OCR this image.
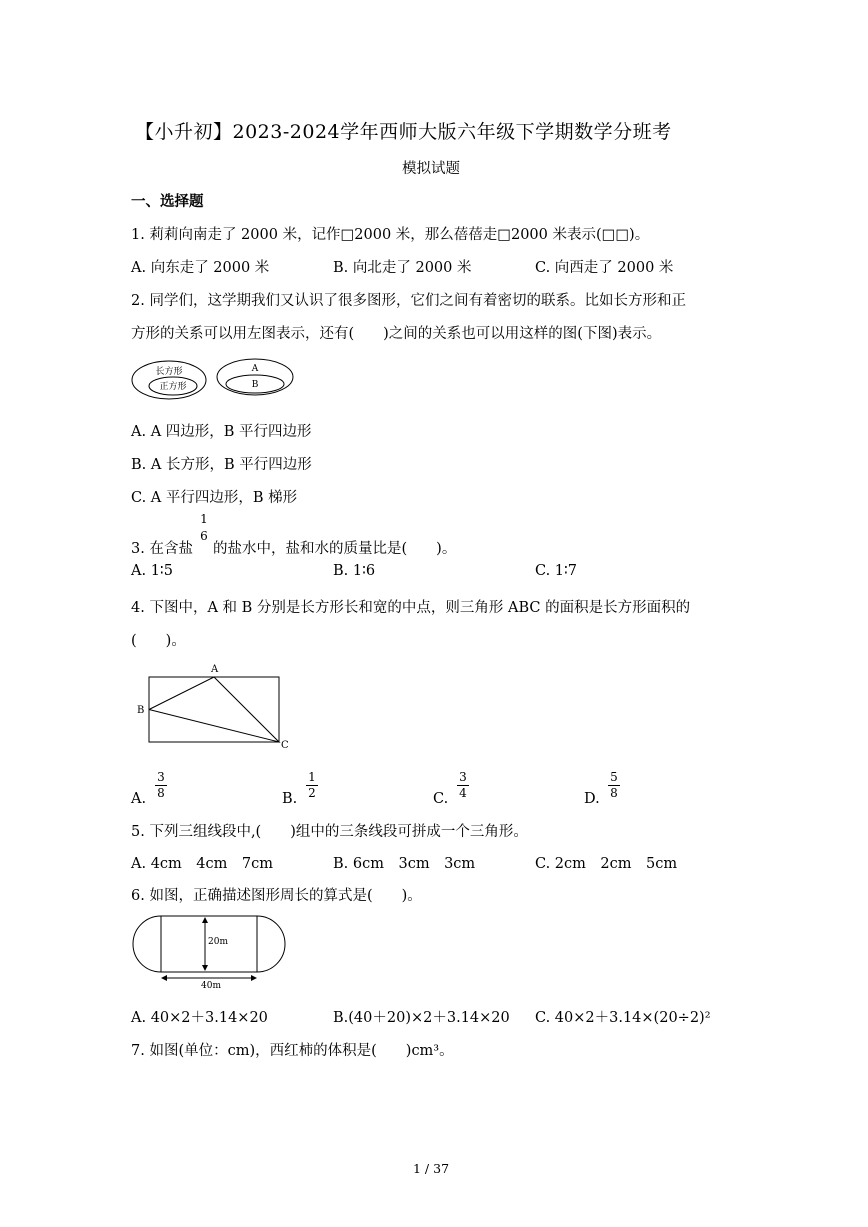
【小升初】2023-2024学年西师大版六年级下学期数学分班考
模拟试题
一、选择题
1. 莉莉向南走了 2000 米，记作□2000 米，那么蓓蓓走□2000 米表示(□□)。
A. 向东走了 2000 米	B. 向北走了 2000 米	C. 向西走了 2000 米
2. 同学们，这学期我们又认识了很多图形，它们之间有着密切的联系。比如长方形和正
方形的关系可以用左图表示，还有(　　)之间的关系也可以用这样的图(下图)表示。
长方形
正方形
A
B
A. A 四边形，B 平行四边形
B. A 长方形，B 平行四边形
C. A 平行四边形，B 梯形
3. 在含盐
1
6
的盐水中，盐和水的质量比是(　　)。
A. 1∶5	B. 1∶6	C. 1∶7
4. 下图中，A 和 B 分别是长方形长和宽的中点，则三角形 ABC 的面积是长方形面积的
(　　)。
A
B
C
A.
3
8	B.
1
2	C.
3
4	D.
5
8
5. 下列三组线段中,(　　)组中的三条线段可拼成一个三角形。
A. 4cm　4cm　7cm	B. 6cm　3cm　3cm	C. 2cm　2cm　5cm
6. 如图，正确描述图形周长的算式是(　　)。
20m
40m
A. 40×2＋3.14×20	B.(40＋20)×2＋3.14×20 C. 40×2＋3.14×(20÷2)²
7. 如图(单位：cm)，西红柿的体积是(　　)cm³。
1 / 37
